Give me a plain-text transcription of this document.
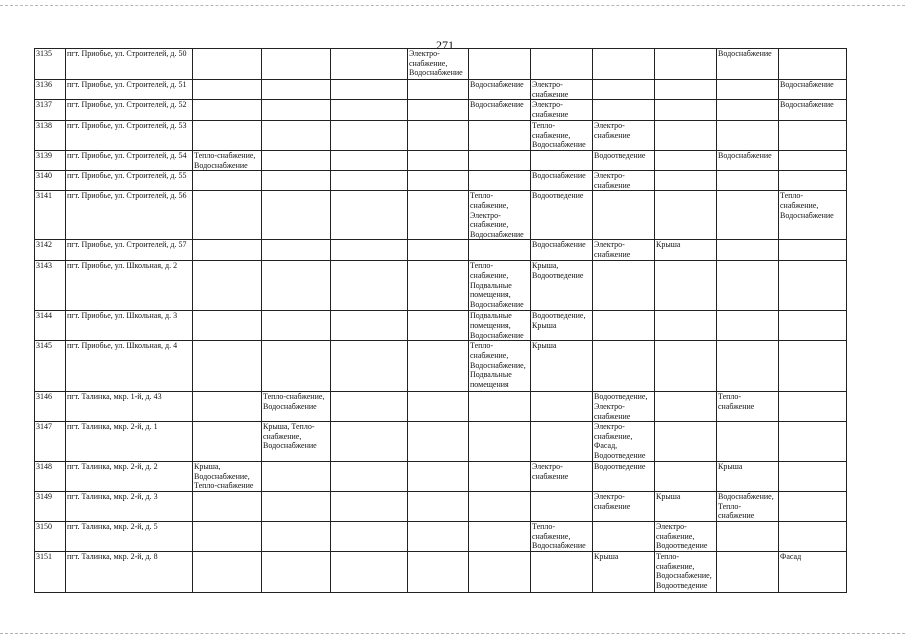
271
3135	пгт. Приобье, ул. Строителей, д. 50				Электро-
снабжение,
Водоснабжение					Водоснабжение	
3136	пгт. Приобье, ул. Строителей, д. 51					Водоснабжение	Электро-
снабжение				Водоснабжение
3137	пгт. Приобье, ул. Строителей, д. 52					Водоснабжение	Электро-
снабжение				Водоснабжение
3138	пгт. Приобье, ул. Строителей, д. 53						Тепло-
снабжение,
Водоснабжение	Электро-
снабжение			
3139	пгт. Приобье, ул. Строителей, д. 54	Тепло-снабжение,
Водоснабжение						Водоотведение		Водоснабжение	
3140	пгт. Приобье, ул. Строителей, д. 55						Водоснабжение	Электро-
снабжение			
3141	пгт. Приобье, ул. Строителей, д. 56					Тепло-
снабжение,
Электро-
снабжение,
Водоснабжение	Водоотведение				Тепло-
снабжение,
Водоснабжение
3142	пгт. Приобье, ул. Строителей, д. 57						Водоснабжение	Электро-
снабжение	Крыша		
3143	пгт. Приобье, ул. Школьная, д. 2					Тепло-
снабжение,
Подвальные
помещения,
Водоснабжение	Крыша,
Водоотведение				
3144	пгт. Приобье, ул. Школьная, д. 3					Подвальные
помещения,
Водоснабжение	Водоотведение,
Крыша				
3145	пгт. Приобье, ул. Школьная, д. 4					Тепло-
снабжение,
Водоснабжение,
Подвальные
помещения	Крыша				
3146	пгт. Талинка, мкр. 1-й, д. 43		Тепло-снабжение,
Водоснабжение					Водоотведение,
Электро-
снабжение		Тепло-
снабжение	
3147	пгт. Талинка, мкр. 2-й, д. 1		Крыша, Тепло-
снабжение,
Водоснабжение					Электро-
снабжение,
Фасад,
Водоотведение			
3148	пгт. Талинка, мкр. 2-й, д. 2	Крыша,
Водоснабжение,
Тепло-снабжение					Электро-
снабжение	Водоотведение		Крыша	
3149	пгт. Талинка, мкр. 2-й, д. 3							Электро-
снабжение	Крыша	Водоснабжение,
Тепло-
снабжение	
3150	пгт. Талинка, мкр. 2-й, д. 5						Тепло-
снабжение,
Водоснабжение		Электро-
снабжение,
Водоотведение		
3151	пгт. Талинка, мкр. 2-й, д. 8							Крыша	Тепло-
снабжение,
Водоснабжение,
Водоотведение		Фасад
